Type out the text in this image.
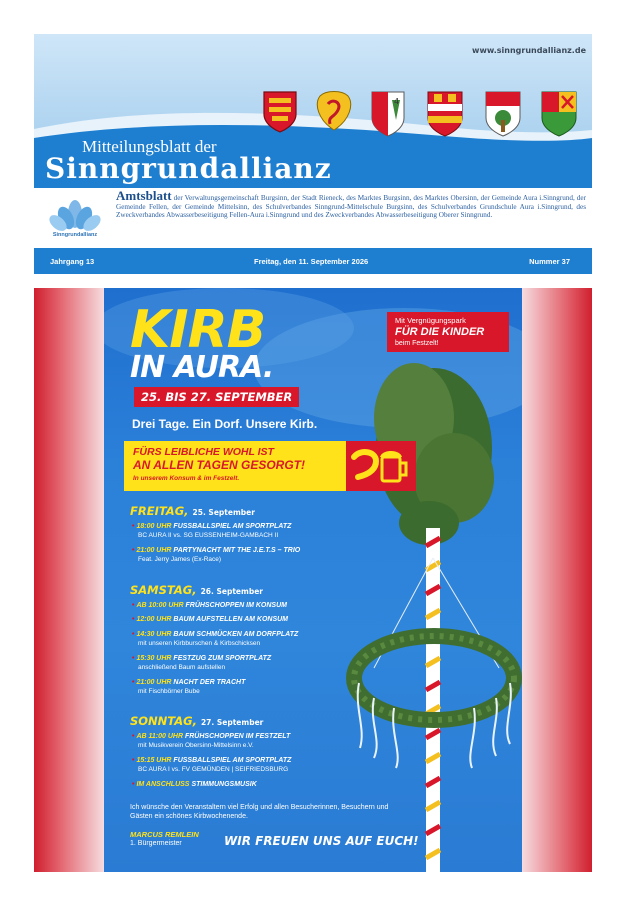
www.sinngrundallianz.de
4
Mitteilungsblatt der
Sinngrundallianz
Sinngrundallianz
Amtsblatt der Verwaltungsgemeinschaft Burgsinn, der Stadt Rieneck, des Marktes Burgsinn, des Marktes Obersinn, der Gemeinde Aura i.Sinngrund, der Gemeinde Fellen, der Gemeinde Mittelsinn, des Schulverbandes Sinngrund-Mittelschule Burgsinn, des Schulverbandes Grundschule Aura i.Sinngrund, des Zweckverbandes Abwasserbeseitigung Fellen-Aura i.Sinngrund und des Zweckverbandes Abwasserbeseitigung Oberer Sinngrund.
Jahrgang 13	Freitag, den 11. September 2026	Nummer 37
KIRB
IN AURA.
25. BIS 27. SEPTEMBER
Drei Tage. Ein Dorf. Unsere Kirb.
Mit Vergnügungspark
FÜR DIE KINDER
beim Festzelt!
FÜRS LEIBLICHE WOHL IST
AN ALLEN TAGEN GESORGT!
In unserem Konsum & im Festzelt.
FREITAG, 25. September
• 18:00 UHR FUSSBALLSPIEL AM SPORTPLATZ
BC AURA II vs. SG EUSSENHEIM-GAMBACH II
• 21:00 UHR PARTYNACHT MIT THE J.E.T.S – TRIO
Feat. Jerry James (Ex-Race)
SAMSTAG, 26. September
• AB 10:00 UHR FRÜHSCHOPPEN IM KONSUM
• 12:00 UHR BAUM AUFSTELLEN AM KONSUM
• 14:30 UHR BAUM SCHMÜCKEN AM DORFPLATZ
mit unseren Kirbburschen & Kirbschicksen
• 15:30 UHR FESTZUG ZUM SPORTPLATZ
anschließend Baum aufstellen
• 21:00 UHR NACHT DER TRACHT
mit Fischbörner Bube
SONNTAG, 27. September
• AB 11:00 UHR FRÜHSCHOPPEN IM FESTZELT
mit Musikverein Obersinn-Mittelsinn e.V.
• 15:15 UHR FUSSBALLSPIEL AM SPORTPLATZ
BC AURA I vs. FV GEMÜNDEN | SEIFRIEDSBURG
• IM ANSCHLUSS STIMMUNGSMUSIK
Ich wünsche den Veranstaltern viel Erfolg und allen Besucherinnen, Besuchern und Gästen ein schönes Kirbwochenende.
MARCUS REMLEIN
1. Bürgermeister	WIR FREUEN UNS AUF EUCH!
